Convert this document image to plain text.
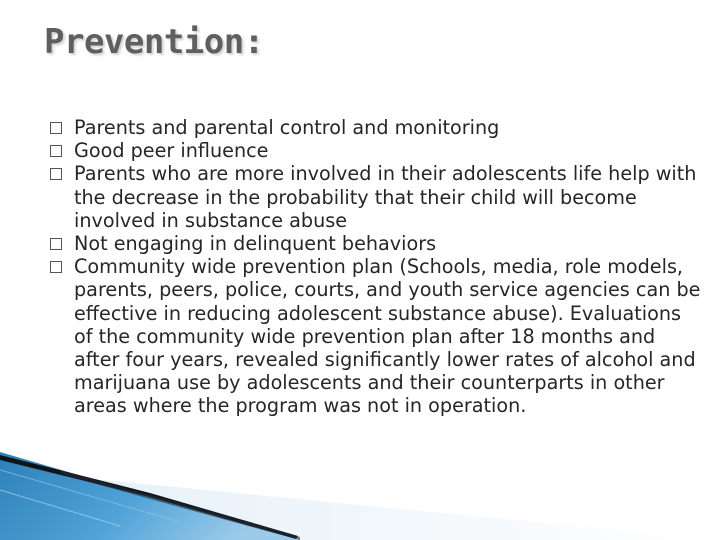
Prevention:
Parents and parental control and monitoring
Good peer influence
Parents who are more involved in their adolescents life help with the decrease in the probability that their child will become involved in substance abuse
Not engaging in delinquent behaviors
Community wide prevention plan (Schools, media, role models, parents, peers, police, courts, and youth service agencies can be effective in reducing adolescent substance abuse). Evaluations of the community wide prevention plan after 18 months and after four years, revealed significantly lower rates of alcohol and marijuana use by adolescents and their counterparts in other areas where the program was not in operation.
